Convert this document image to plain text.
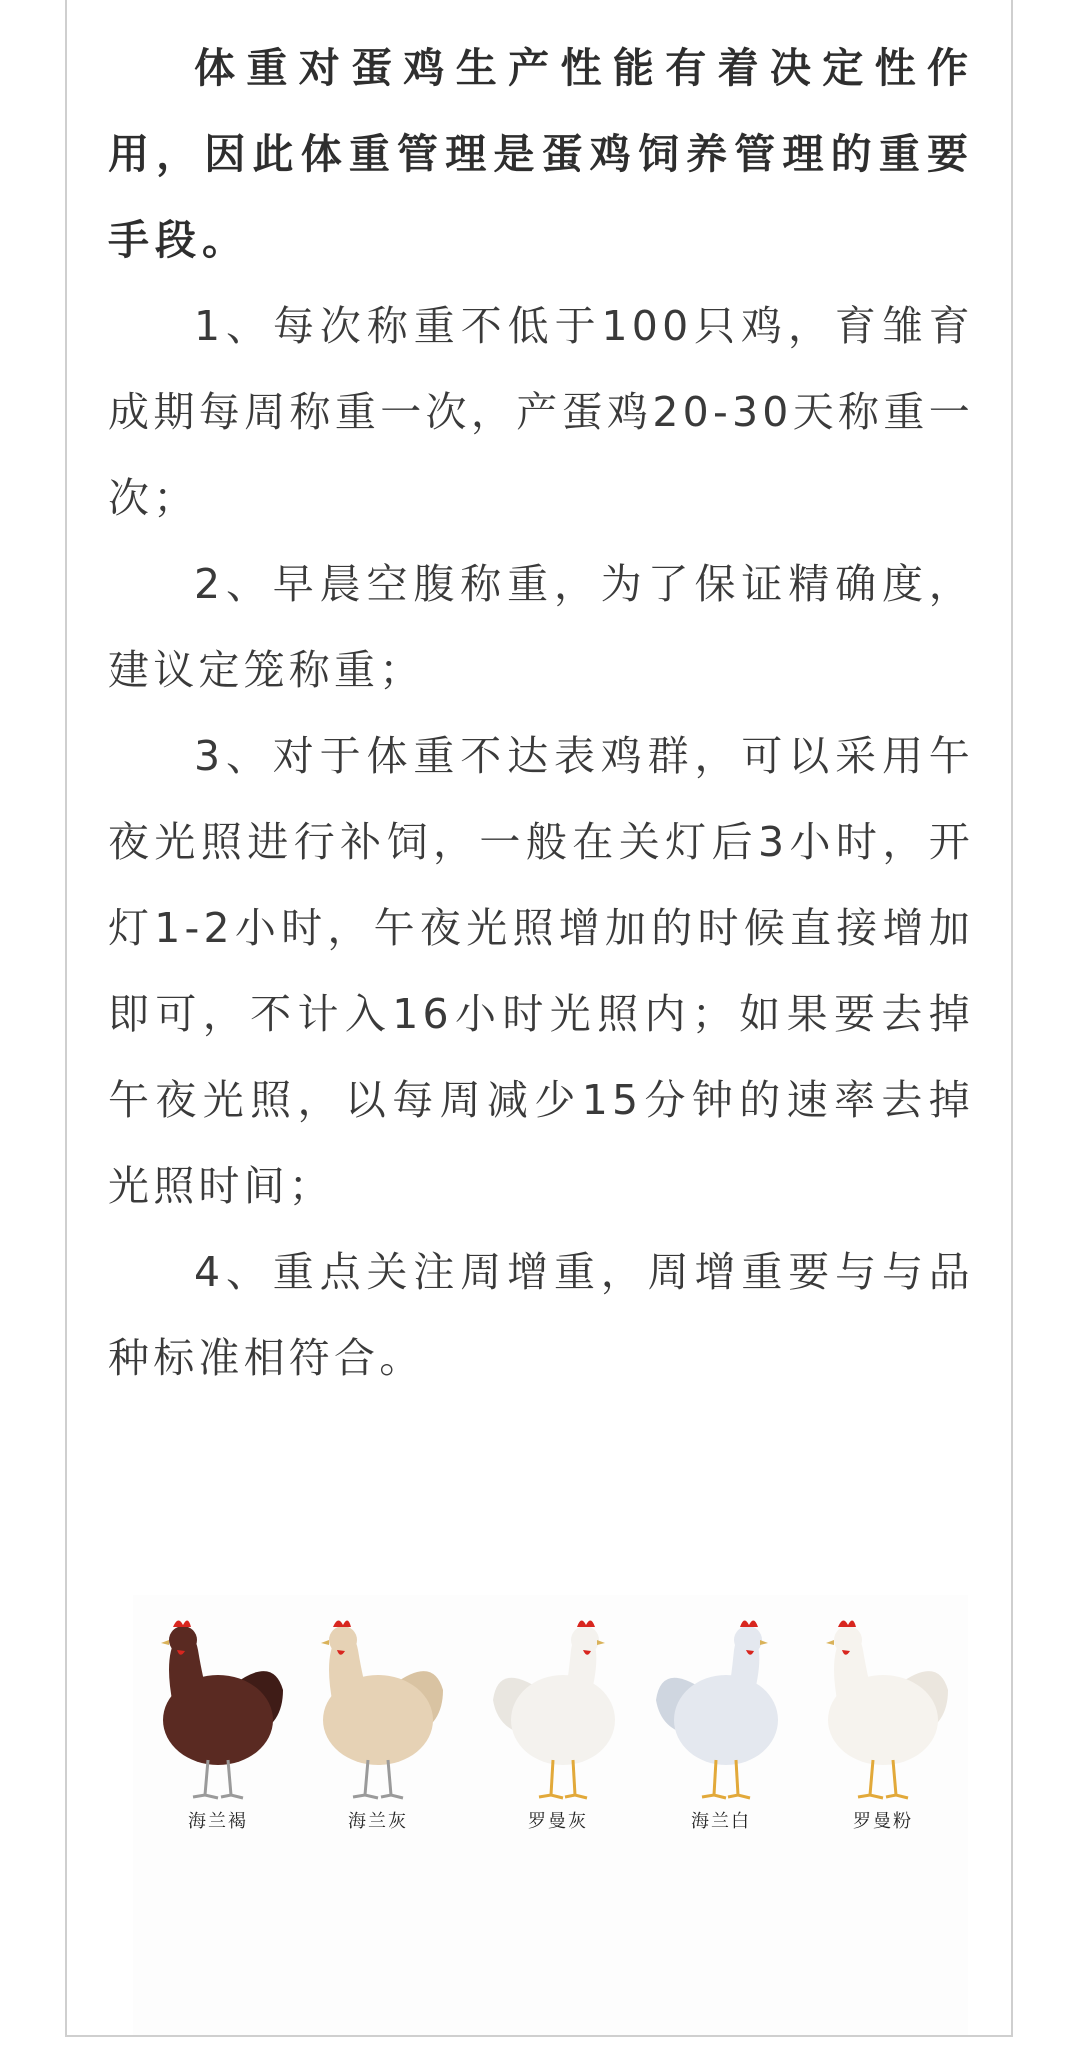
体重对蛋鸡生产性能有着决定性作用，因此体重管理是蛋鸡饲养管理的重要手段。

1、每次称重不低于100只鸡，育雏育成期每周称重一次，产蛋鸡20-30天称重一次；

2、早晨空腹称重，为了保证精确度，建议定笼称重；

3、对于体重不达表鸡群，可以采用午夜光照进行补饲，一般在关灯后3小时，开灯1-2小时，午夜光照增加的时候直接增加即可，不计入16小时光照内；如果要去掉午夜光照，以每周减少15分钟的速率去掉光照时间；

4、重点关注周增重，周增重要与与品种标准相符合。

海兰褐	海兰灰	罗曼灰	海兰白	罗曼粉
